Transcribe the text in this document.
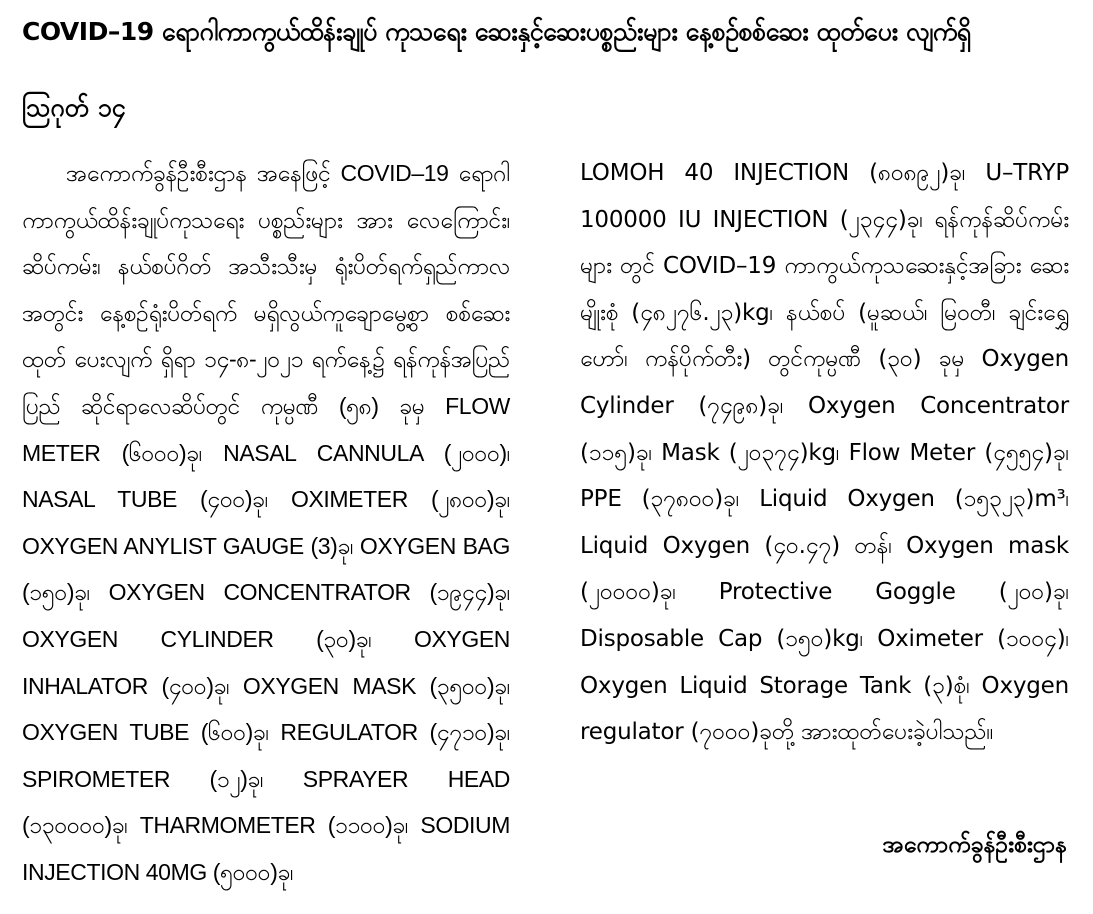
COVID–19 ရောဂါကာကွယ်ထိန်းချုပ် ကုသရေး ဆေးနှင့်ဆေးပစ္စည်းများ နေ့စဉ်စစ်ဆေး ထုတ်ပေး လျက်ရှိ
ဩဂုတ် ၁၄
အကောက်ခွန်ဦးစီးဌာန အနေဖြင့် COVID–19 ရောဂါ ကာကွယ်ထိန်းချုပ်ကုသရေး ပစ္စည်းများ အား လေကြောင်း၊ ဆိပ်ကမ်း၊ နယ်စပ်ဂိတ် အသီးသီးမှ ရုံးပိတ်ရက်ရှည်ကာလအတွင်း နေ့စဉ်ရုံးပိတ်ရက် မရှိလွယ်ကူချောမွေ့စွာ စစ်ဆေးထုတ် ပေးလျက် ရှိရာ ၁၄-၈-၂၀၂၁ ရက်နေ့၌ ရန်ကုန်အပြည်ပြည် ဆိုင်ရာလေဆိပ်တွင် ကုမ္ပဏီ (၅၈) ခုမှ FLOW METER (၆၀၀၀)ခု၊ NASAL CANNULA (၂၀၀၀)၊ NASAL TUBE (၄၀၀)ခု၊ OXIMETER (၂၈၀၀)ခု၊ OXYGEN ANYLIST GAUGE (3)ခု၊ OXYGEN BAG (၁၅၀)ခု၊ OXYGEN CONCENTRATOR (၁၉၄၄)ခု၊ OXYGEN CYLINDER (၃၀)ခု၊ OXYGEN INHALATOR (၄၀၀)ခု၊ OXYGEN MASK (၃၅၀၀)ခု၊ OXYGEN TUBE (၆၀၀)ခု၊ REGULATOR (၄၇၁၀)ခု၊ SPIROMETER (၁၂)ခု၊ SPRAYER HEAD (၁၃၀၀၀၀)ခု၊ THARMOMETER (၁၁၀၀)ခု၊ SODIUM INJECTION 40MG (၅၀၀၀)ခု၊
LOMOH 40 INJECTION (၈၀၈၉၂)ခု၊ U–TRYP 100000 IU INJECTION (၂၃၄၄)ခု၊ ရန်ကုန်ဆိပ်ကမ်းများ တွင် COVID–19 ကာကွယ်ကုသဆေးနှင့်အခြား ဆေးမျိုးစုံ (၄၈၂၇၆.၂၃)kg၊ နယ်စပ် (မူဆယ်၊ မြဝတီ၊ ချင်းရွှေဟော်၊ ကန်ပိုက်တီး) တွင်ကုမ္ပဏီ (၃၀) ခုမှ Oxygen Cylinder (၇၄၉၈)ခု၊ Oxygen Concentrator (၁၁၅)ခု၊ Mask (၂၀၃၇၄)kg၊ Flow Meter (၄၅၅၄)ခု၊ PPE (၃၇၈၀၀)ခု၊ Liquid Oxygen (၁၅၃၂၃)m³၊ Liquid Oxygen (၄၀.၄၇) တန်၊ Oxygen mask (၂၀၀၀၀)ခု၊ Protective Goggle (၂၀၀)ခု၊ Disposable Cap (၁၅၀)kg၊ Oximeter (၁၀၀၄)၊ Oxygen Liquid Storage Tank (၃)စုံ၊ Oxygen regulator (၇၀၀၀)ခုတို့ အားထုတ်ပေးခဲ့ပါသည်။
အကောက်ခွန်ဦးစီးဌာန
